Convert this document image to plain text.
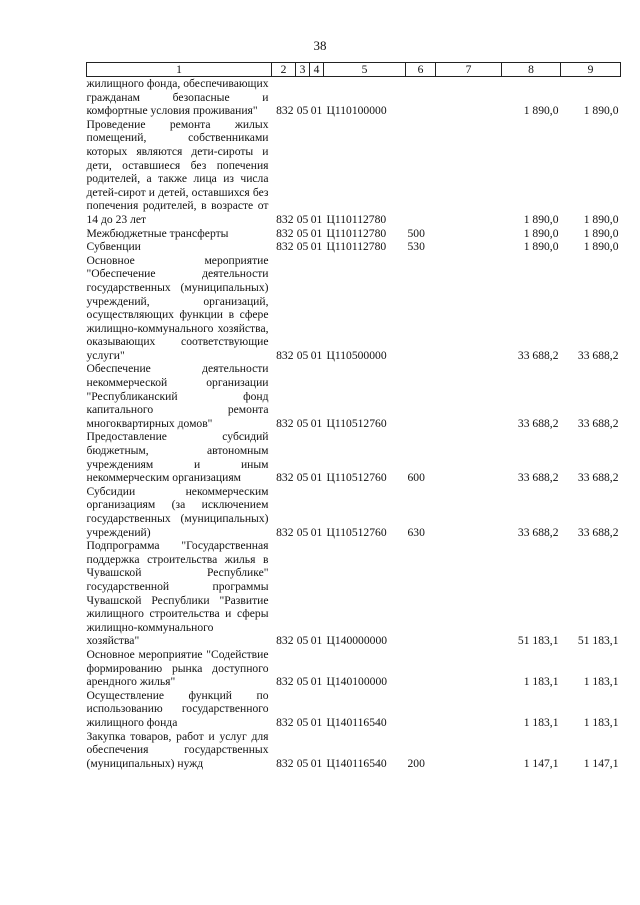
38
1	2	3	4	5	6	7	8	9
жилищного фонда, обеспечивающих гражданам безопасные и комфортные условия проживания"	832	05	01	Ц110100000			1 890,0	1 890,0
Проведение ремонта жилых помещений, собственниками которых являются дети-сироты и дети, оставшиеся без попечения родителей, а также лица из числа детей-сирот и детей, оставшихся без попечения родителей, в возрасте от 14 до 23 лет	832	05	01	Ц110112780			1 890,0	1 890,0
Межбюджетные трансферты	832	05	01	Ц110112780	500		1 890,0	1 890,0
Субвенции	832	05	01	Ц110112780	530		1 890,0	1 890,0
Основное мероприятие "Обеспечение деятельности государственных (муниципальных) учреждений, организаций, осуществляющих функции в сфере жилищно-коммунального хозяйства, оказывающих соответствующие услуги"	832	05	01	Ц110500000			33 688,2	33 688,2
Обеспечение деятельности некоммерческой организации "Республиканский фонд капитального ремонта многоквартирных домов"	832	05	01	Ц110512760			33 688,2	33 688,2
Предоставление субсидий бюджетным, автономным учреждениям и иным некоммерческим организациям	832	05	01	Ц110512760	600		33 688,2	33 688,2
Субсидии некоммерческим организациям (за исключением государственных (муниципальных) учреждений)	832	05	01	Ц110512760	630		33 688,2	33 688,2
Подпрограмма "Государственная поддержка строительства жилья в Чувашской Республике" государственной программы Чувашской Республики "Развитие жилищного строительства и сферы жилищно-коммунального хозяйства"	832	05	01	Ц140000000			51 183,1	51 183,1
Основное мероприятие "Содействие формированию рынка доступного арендного жилья"	832	05	01	Ц140100000			1 183,1	1 183,1
Осуществление функций по использованию государственного жилищного фонда	832	05	01	Ц140116540			1 183,1	1 183,1
Закупка товаров, работ и услуг для обеспечения государственных (муниципальных) нужд	832	05	01	Ц140116540	200		1 147,1	1 147,1
